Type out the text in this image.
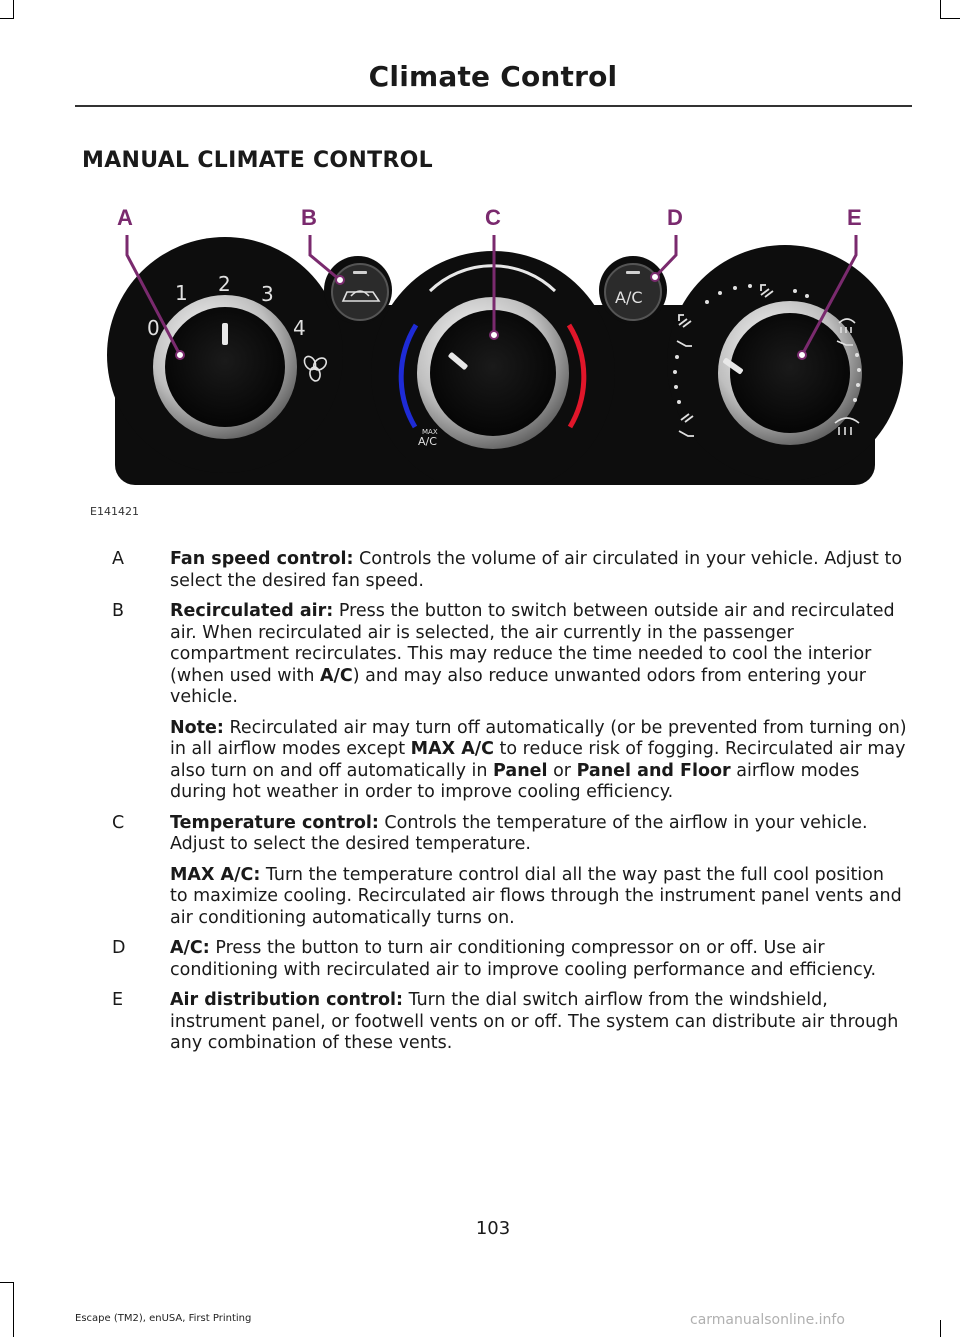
Climate Control
MANUAL CLIMATE CONTROL
0
1 2 3
4
MAX
A/C
A/C
A	B	C	D	E
E141421
A	Fan speed control: Controls the volume of air circulated in your vehicle. Adjust to select the desired fan speed.
B	Recirculated air: Press the button to switch between outside air and recirculated air. When recirculated air is selected, the air currently in the passenger compartment recirculates. This may reduce the time needed to cool the interior (when used with A/C) and may also reduce unwanted odors from entering your vehicle.
Note: Recirculated air may turn off automatically (or be prevented from turning on) in all airflow modes except MAX A/C to reduce risk of fogging. Recirculated air may also turn on and off automatically in Panel or Panel and Floor airflow modes during hot weather in order to improve cooling efficiency.
C	Temperature control: Controls the temperature of the airflow in your vehicle. Adjust to select the desired temperature.
MAX A/C: Turn the temperature control dial all the way past the full cool position to maximize cooling. Recirculated air flows through the instrument panel vents and air conditioning automatically turns on.
D	A/C: Press the button to turn air conditioning compressor on or off. Use air conditioning with recirculated air to improve cooling performance and efficiency.
E	Air distribution control: Turn the dial switch airflow from the windshield, instrument panel, or footwell vents on or off. The system can distribute air through any combination of these vents.
103
Escape (TM2), enUSA, First Printing	carmanualsonline.info
